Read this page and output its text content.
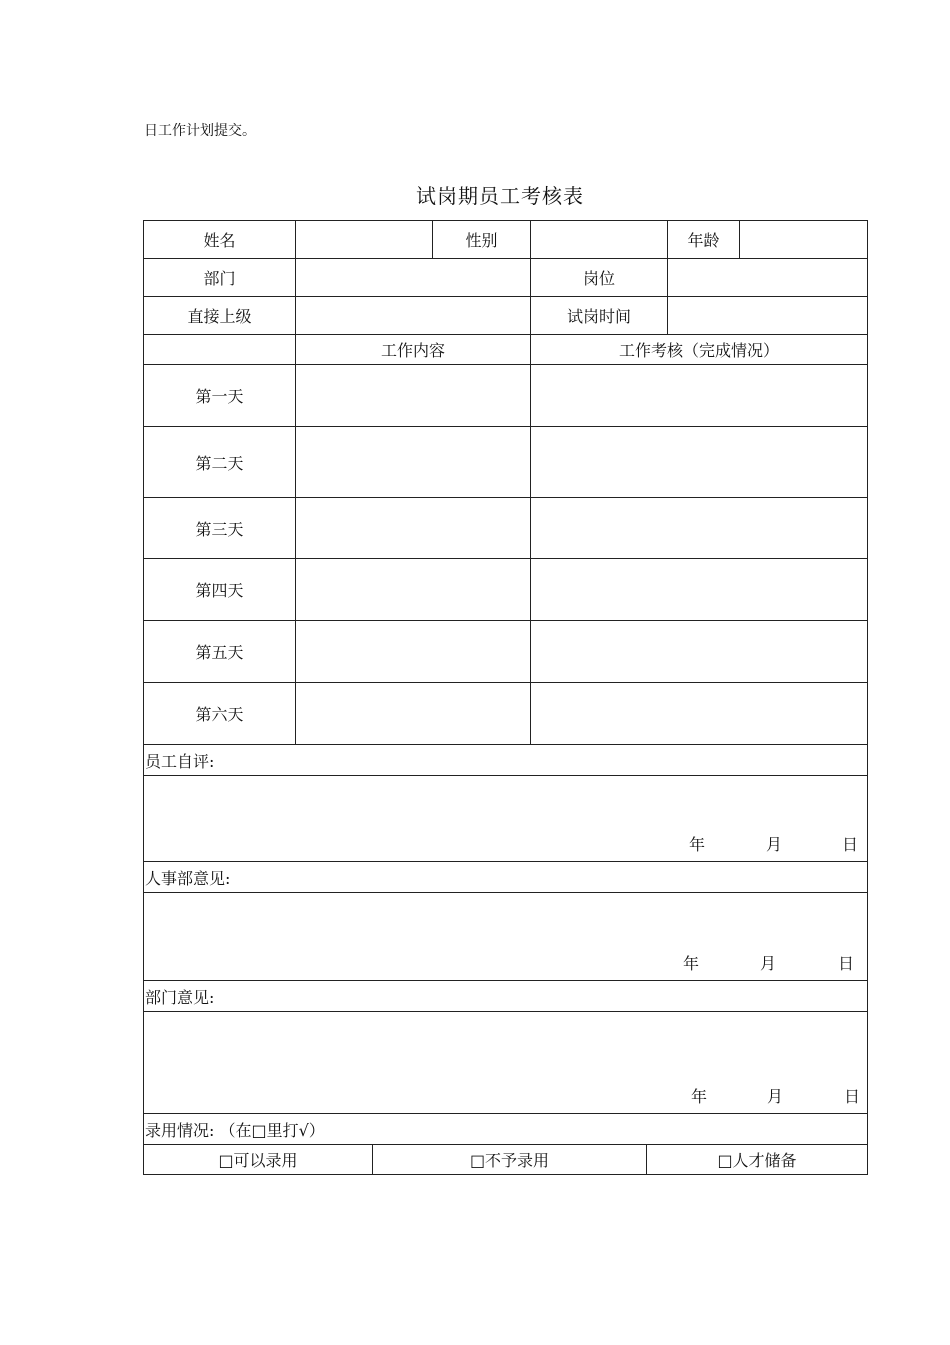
日工作计划提交。
试岗期员工考核表
姓名		性别		年龄	
部门			岗位		
直接上级			试岗时间		
	工作内容		工作考核（完成情况）		
第一天					
第二天					
第三天					
第四天					
第五天					
第六天					
员工自评:					

年 月 日					

人事部意见:					

年 月 日					

部门意见:					

年 月 日					

录用情况: （在□里打√）					
□可以录用	□不予录用	□人才储备
